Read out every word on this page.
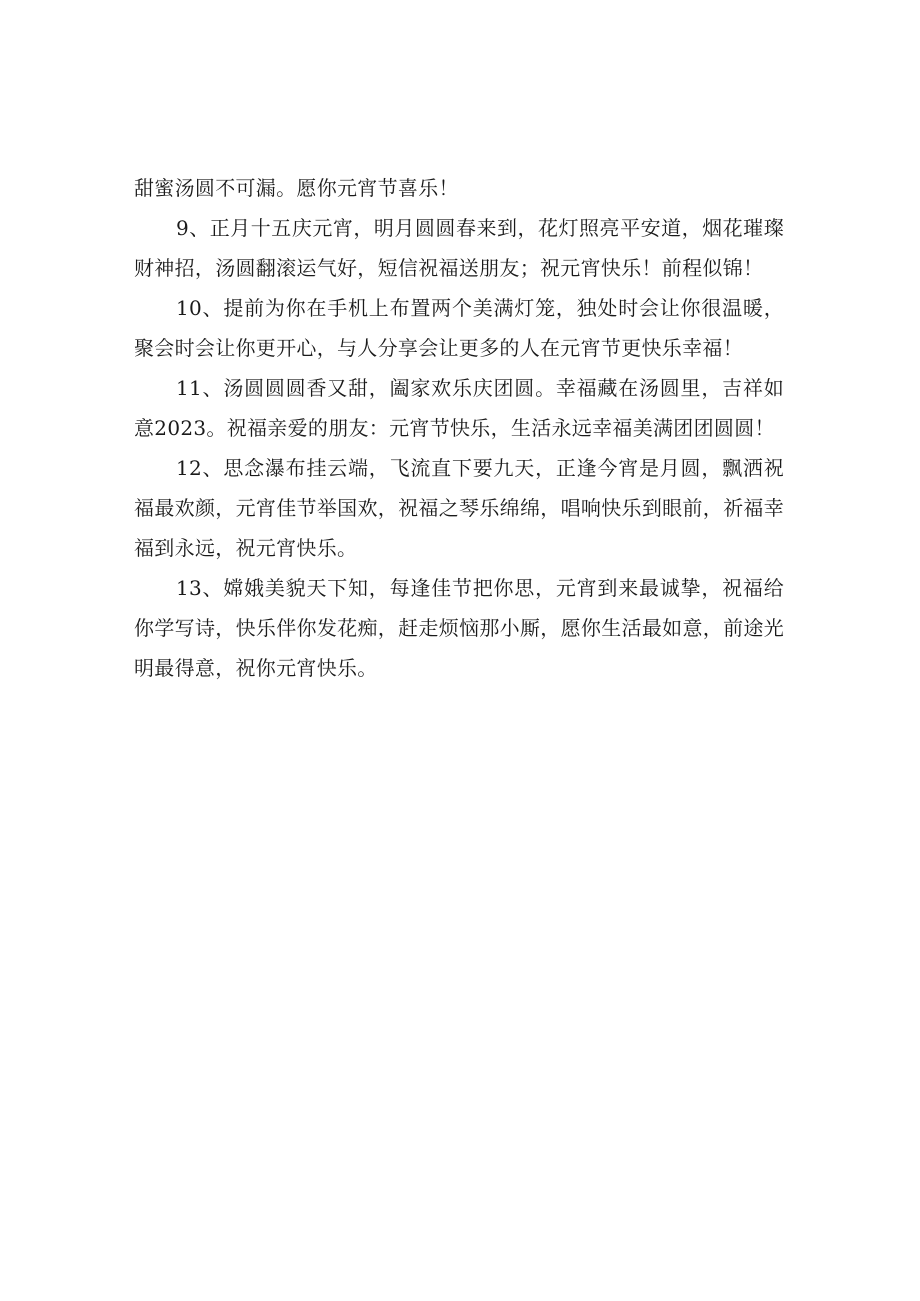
甜蜜汤圆不可漏。愿你元宵节喜乐！

9、正月十五庆元宵，明月圆圆春来到，花灯照亮平安道，烟花璀璨财神招，汤圆翻滚运气好，短信祝福送朋友；祝元宵快乐！前程似锦！

10、提前为你在手机上布置两个美满灯笼，独处时会让你很温暖，聚会时会让你更开心，与人分享会让更多的人在元宵节更快乐幸福！

11、汤圆圆圆香又甜，阖家欢乐庆团圆。幸福藏在汤圆里，吉祥如意2023。祝福亲爱的朋友：元宵节快乐，生活永远幸福美满团团圆圆！

12、思念瀑布挂云端，飞流直下要九天，正逢今宵是月圆，飘洒祝福最欢颜，元宵佳节举国欢，祝福之琴乐绵绵，唱响快乐到眼前，祈福幸福到永远，祝元宵快乐。

13、嫦娥美貌天下知，每逢佳节把你思，元宵到来最诚挚，祝福给你学写诗，快乐伴你发花痴，赶走烦恼那小厮，愿你生活最如意，前途光明最得意，祝你元宵快乐。
